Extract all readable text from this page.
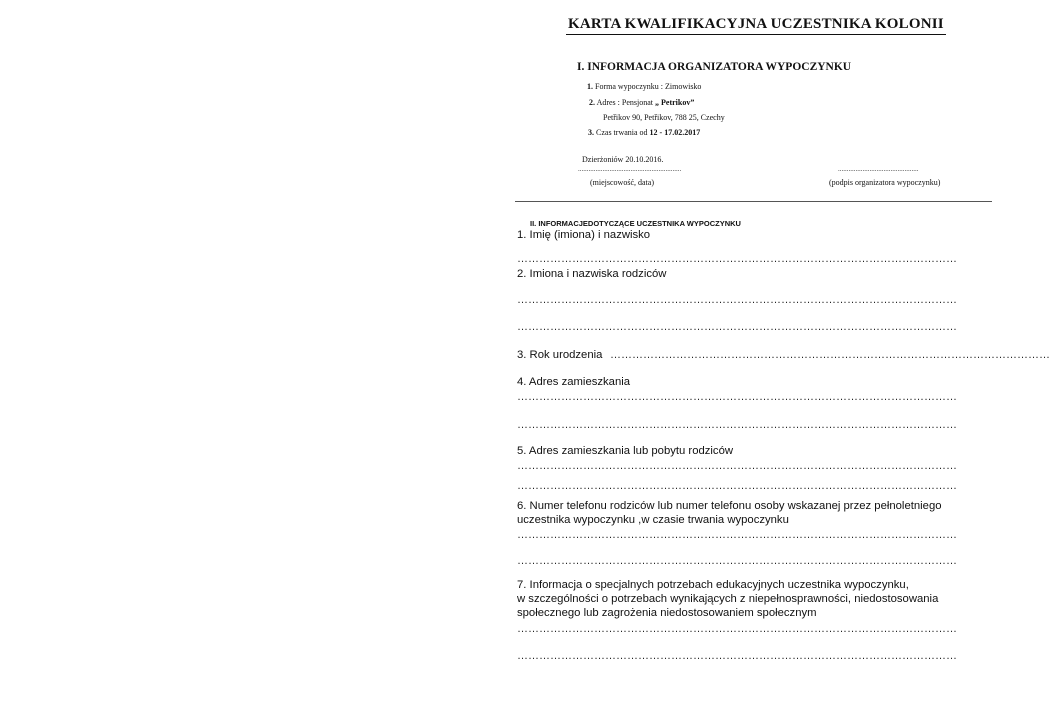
KARTA KWALIFIKACYJNA UCZESTNIKA KOLONII
I. INFORMACJA ORGANIZATORA WYPOCZYNKU
1. Forma wypoczynku : Zimowisko
2. Adres : Pensjonat „ Petrikov”
Petřikov 90, Petřikov, 788 25, Czechy
3. Czas trwania od 12 - 17.02.2017
Dzierżoniów 20.10.2016.
...........................................................	..............................................
(miejscowość, data)	(podpis organizatora wypoczynku)
II. INFORMACJEDOTYCZĄCE UCZESTNIKA WYPOCZYNKU
1. Imię (imiona) i nazwisko
…………………………………………………………………………………………………………
2. Imiona i nazwiska rodziców
…………………………………………………………………………………………………………
…………………………………………………………………………………………………………
3. Rok urodzenia …………………………………………………………………………………………………………
4. Adres zamieszkania
…………………………………………………………………………………………………………
…………………………………………………………………………………………………………
5. Adres zamieszkania lub pobytu rodziców
…………………………………………………………………………………………………………
…………………………………………………………………………………………………………
6. Numer telefonu rodziców lub numer telefonu osoby wskazanej przez pełnoletniego
uczestnika wypoczynku ,w czasie trwania wypoczynku
…………………………………………………………………………………………………………
…………………………………………………………………………………………………………
7. Informacja o specjalnych potrzebach edukacyjnych uczestnika wypoczynku,
w szczególności o potrzebach wynikających z niepełnosprawności, niedostosowania
społecznego lub zagrożenia niedostosowaniem społecznym
…………………………………………………………………………………………………………
…………………………………………………………………………………………………………
